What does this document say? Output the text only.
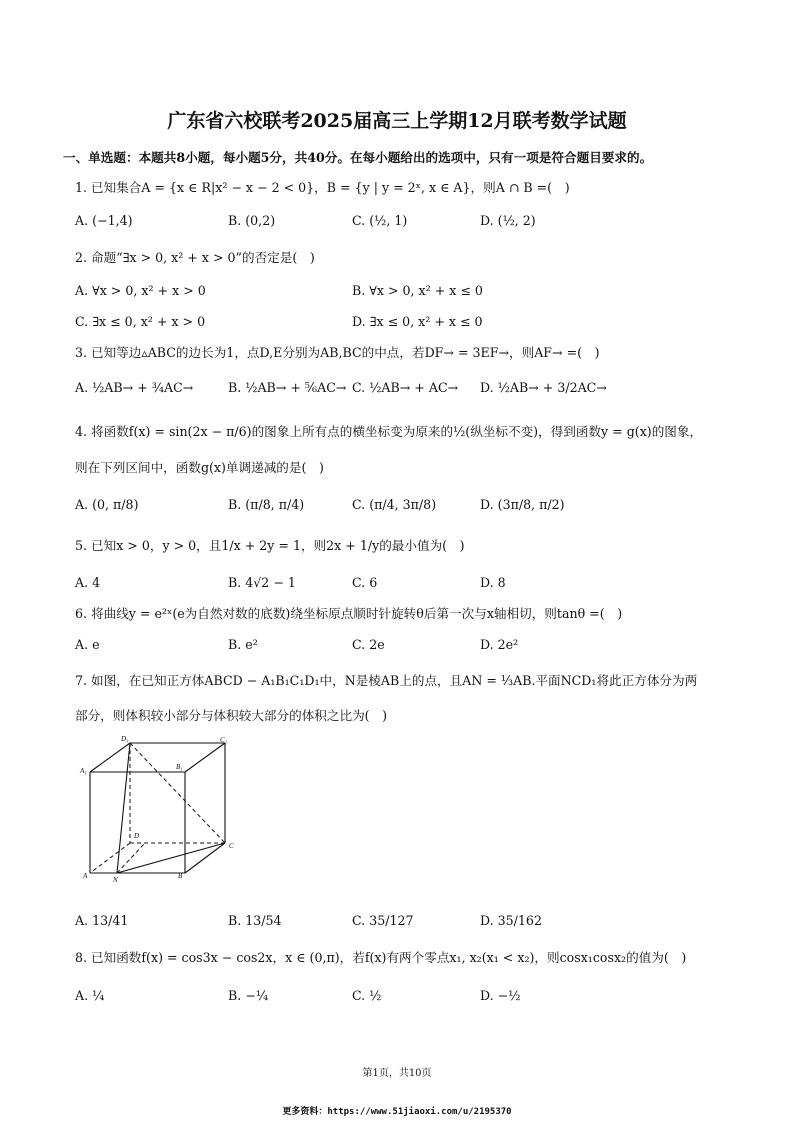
广东省六校联考2025届高三上学期12月联考数学试题
一、单选题：本题共8小题，每小题5分，共40分。在每小题给出的选项中，只有一项是符合题目要求的。
1. 已知集合A = {x ∈ R|x² − x − 2 < 0}，B = {y | y = 2ˣ, x ∈ A}，则A ∩ B =(　)
A. (−1,4)	B. (0,2)	C. (½, 1)	D. (½, 2)
2. 命题“∃x > 0, x² + x > 0”的否定是(　)
A. ∀x > 0, x² + x > 0	B. ∀x > 0, x² + x ≤ 0
C. ∃x ≤ 0, x² + x > 0	D. ∃x ≤ 0, x² + x ≤ 0
3. 已知等边▵ABC的边长为1，点D,E分别为AB,BC的中点，若DF→ = 3EF→，则AF→ =(　)
A. ½AB→ + ¾AC→	B. ½AB→ + ⅚AC→ C. ½AB→ + AC→ D. ½AB→ + 3/2AC→
4. 将函数f(x) = sin(2x − π/6)的图象上所有点的横坐标变为原来的½(纵坐标不变)，得到函数y = g(x)的图象，
则在下列区间中，函数g(x)单调递减的是(　)
A. (0, π/8)	B. (π/8, π/4)	C. (π/4, 3π/8)	D. (3π/8, π/2)
5. 已知x > 0，y > 0，且1/x + 2y = 1，则2x + 1/y的最小值为(　)
A. 4	B. 4√2 − 1	C. 6	D. 8
6. 将曲线y = e²ˣ(e为自然对数的底数)绕坐标原点顺时针旋转θ后第一次与x轴相切，则tanθ =(　)
A. e	B. e²	C. 2e	D. 2e²
7. 如图，在已知正方体ABCD − A₁B₁C₁D₁中，N是棱AB上的点，且AN = ⅓AB.平面NCD₁将此正方体分为两
部分，则体积较小部分与体积较大部分的体积之比为(　)
D₁	C₁
A₁	B₁
D
C
A	N	B
A. 13/41	B. 13/54	C. 35/127	D. 35/162
8. 已知函数f(x) = cos3x − cos2x，x ∈ (0,π)，若f(x)有两个零点x₁, x₂(x₁ < x₂)，则cosx₁cosx₂的值为(　)
A. ¼	B. −¼	C. ½	D. −½
第1页，共10页
更多资料：https://www.51jiaoxi.com/u/2195370
